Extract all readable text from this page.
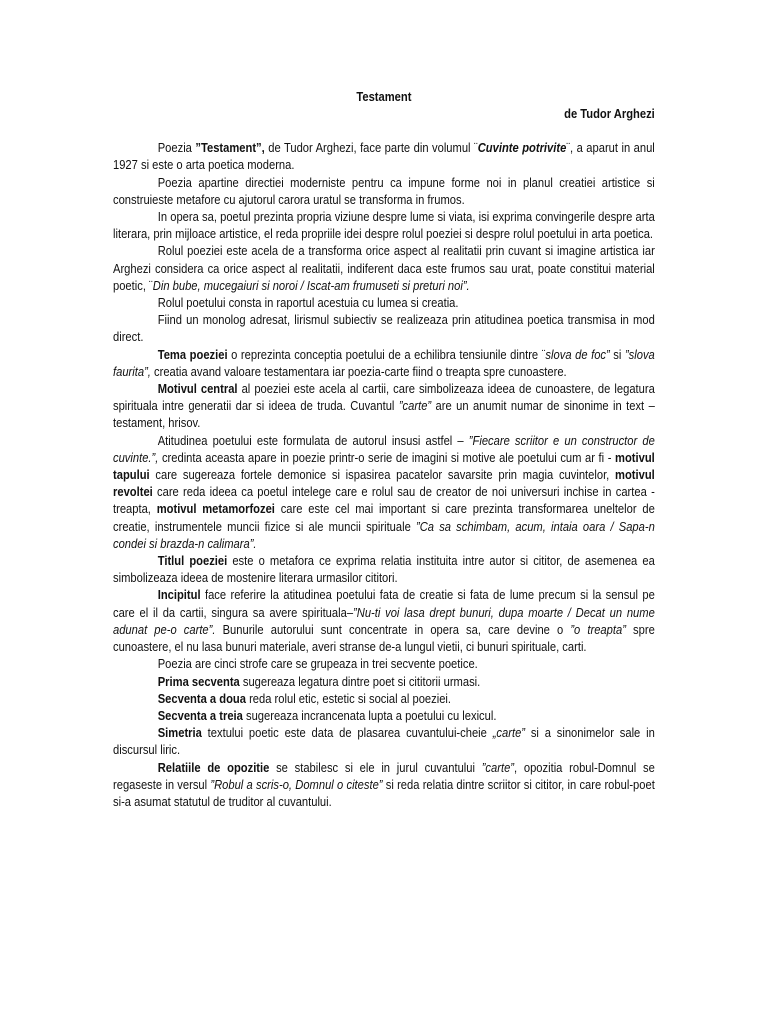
Testament
de Tudor Arghezi

Poezia ”Testament”, de Tudor Arghezi, face parte din volumul ¨Cuvinte potrivite¨, a aparut in anul 1927 si este o arta poetica moderna.

Poezia apartine directiei moderniste pentru ca impune forme noi in planul creatiei artistice si construieste metafore cu ajutorul carora uratul se transforma in frumos.

In opera sa, poetul prezinta propria viziune despre lume si viata, isi exprima convingerile despre arta literara, prin mijloace artistice, el reda propriile idei despre rolul poeziei si despre rolul poetului in arta poetica.

Rolul poeziei este acela de a transforma orice aspect al realitatii prin cuvant si imagine artistica iar Arghezi considera ca orice aspect al realitatii, indiferent daca este frumos sau urat, poate constitui material poetic, ¨Din bube, mucegaiuri si noroi / Iscat-am frumuseti si preturi noi”.

Rolul poetului consta in raportul acestuia cu lumea si creatia.

Fiind un monolog adresat, lirismul subiectiv se realizeaza prin atitudinea poetica transmisa in mod direct.

Tema poeziei o reprezinta conceptia poetului de a echilibra tensiunile dintre ¨slova de foc” si ”slova faurita”, creatia avand valoare testamentara iar poezia-carte fiind o treapta spre cunoastere.

Motivul central al poeziei este acela al cartii, care simbolizeaza ideea de cunoastere, de legatura spirituala intre generatii dar si ideea de truda. Cuvantul ”carte” are un anumit numar de sinonime in text – testament, hrisov.

Atitudinea poetului este formulata de autorul insusi astfel – ”Fiecare scriitor e un constructor de cuvinte.”, credinta aceasta apare in poezie printr-o serie de imagini si motive ale poetului cum ar fi - motivul tapului care sugereaza fortele demonice si ispasirea pacatelor savarsite prin magia cuvintelor, motivul revoltei care reda ideea ca poetul intelege care e rolul sau de creator de noi universuri inchise in cartea - treapta, motivul metamorfozei care este cel mai important si care prezinta transformarea uneltelor de creatie, instrumentele muncii fizice si ale muncii spirituale ”Ca sa schimbam, acum, intaia oara / Sapa-n condei si brazda-n calimara”.

Titlul poeziei este o metafora ce exprima relatia instituita intre autor si cititor, de asemenea ea simbolizeaza ideea de mostenire literara urmasilor cititori.

Incipitul face referire la atitudinea poetului fata de creatie si fata de lume precum si la sensul pe care el il da cartii, singura sa avere spirituala–”Nu-ti voi lasa drept bunuri, dupa moarte / Decat un nume adunat pe-o carte”. Bunurile autorului sunt concentrate in opera sa, care devine o ”o treapta” spre cunoastere, el nu lasa bunuri materiale, averi stranse de-a lungul vietii, ci bunuri spirituale, carti.

Poezia are cinci strofe care se grupeaza in trei secvente poetice.

Prima secventa sugereaza legatura dintre poet si cititorii urmasi.

Secventa a doua reda rolul etic, estetic si social al poeziei.

Secventa a treia sugereaza incrancenata lupta a poetului cu lexicul.

Simetria textului poetic este data de plasarea cuvantului-cheie „carte” si a sinonimelor sale in discursul liric.

Relatiile de opozitie se stabilesc si ele in jurul cuvantului ”carte”, opozitia robul-Domnul se regaseste in versul ”Robul a scris-o, Domnul o citeste” si reda relatia dintre scriitor si cititor, in care robul-poet si-a asumat statutul de truditor al cuvantului.
